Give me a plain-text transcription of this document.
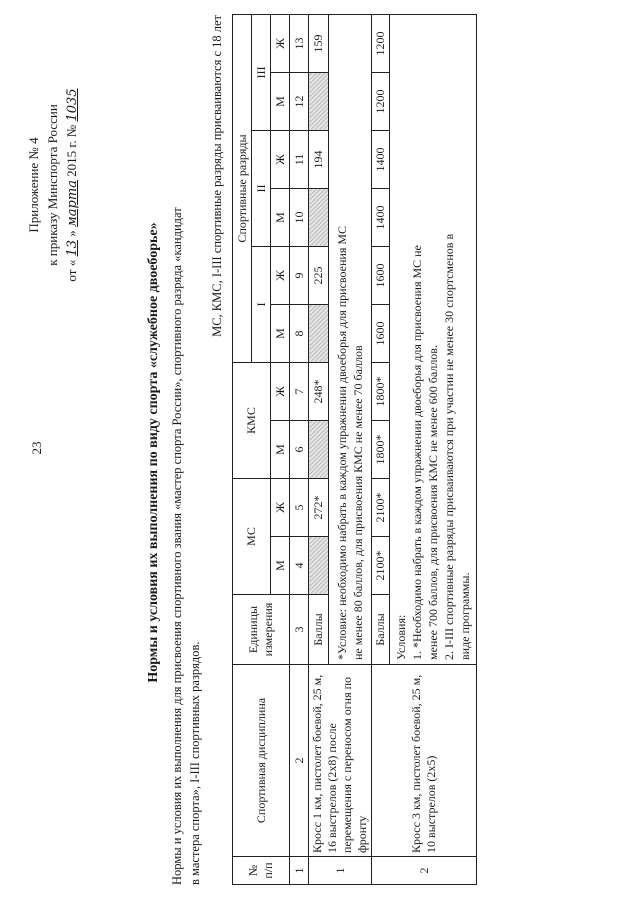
23
Приложение № 4 к приказу Минспорта России
от « 13 » марта 2015 г. № 1035
Нормы и условия их выполнения по виду спорта «служебное двоеборье» Нормы и условия их выполнения для присвоения спортивного звания «мастер спорта России», спортивного разряда «кандидат в мастера спорта», I-III спортивных разрядов.
МС, КМС, I-III спортивные разряды присваиваются с 18 лет
№ п/п	Спортивная дисциплина	Единицы измерения	МС		КМС		Спортивные разряды					
							I		II		III	
			М	Ж	М	Ж	М	Ж	М	Ж	М	Ж
1	2	3	4	5	6	7	8	9	10	11	12	13
1	Кросс 1 км, пистолет боевой, 25 м, 16 выстрелов (2х8) после перемещения с переносом огня по фронту	Баллы		272*		248*		225		194		159

		*Условие: необходимо набрать в каждом упражнении двоеборья для присвоения МС не менее 80 баллов, для присвоения КМС не менее 70 баллов										

2	Кросс 3 км, пистолет боевой, 25 м, 10 выстрелов (2х5)	Баллы	2100*	2100*	1800*	1800*	1600	1600	1400	1400	1200	1200

		Условия: 1. *Необходимо набрать в каждом упражнении двоеборья для присвоения МС не менее 700 баллов, для присвоения КМС не менее 600 баллов. 2. I-III спортивные разряды присваиваются при участии не менее 30 спортсменов в виде программы.										
